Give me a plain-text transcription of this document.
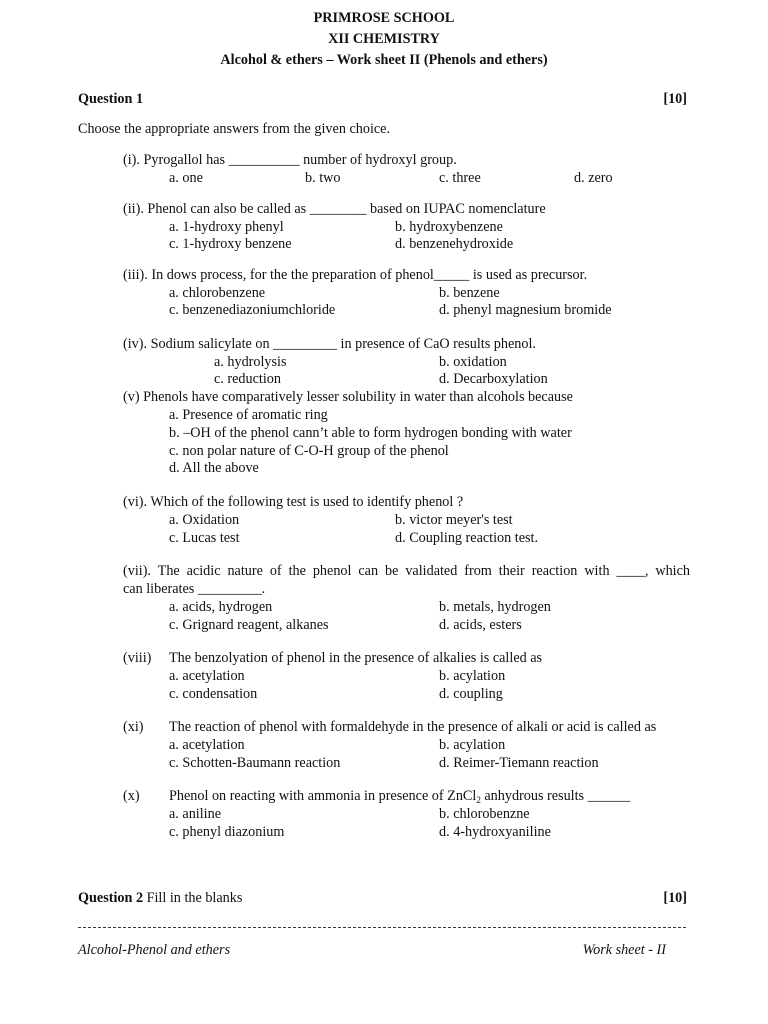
PRIMROSE SCHOOL
XII CHEMISTRY
Alcohol & ethers – Work sheet II (Phenols and ethers)
Question 1	[10]
Choose the appropriate answers from the given choice.
(i). Pyrogallol has __________ number of hydroxyl group.
a. one	b. two	c. three	d. zero
(ii). Phenol can also be called as ________ based on IUPAC nomenclature
a. 1-hydroxy phenyl	b. hydroxybenzene
c. 1-hydroxy benzene	d. benzenehydroxide
(iii). In dows process, for the the preparation of phenol_____ is used as precursor.
a. chlorobenzene	b. benzene
c. benzenediazoniumchloride	d. phenyl magnesium bromide
(iv). Sodium salicylate on _________ in presence of CaO results phenol.
a. hydrolysis	b. oxidation
c. reduction	d. Decarboxylation
(v) Phenols have comparatively lesser solubility in water than alcohols because
a. Presence of aromatic ring
b. –OH of the phenol cann’t able to form hydrogen bonding with water
c. non polar nature of C-O-H group of the phenol
d. All the above
(vi). Which of the following test is used to identify phenol ?
a. Oxidation	b. victor meyer's test
c. Lucas test	d. Coupling reaction test.
(vii). The acidic nature of the phenol can be validated from their reaction with ____, which
can liberates _________.
a. acids, hydrogen	b. metals, hydrogen
c. Grignard reagent, alkanes	d. acids, esters
(viii) The benzolyation of phenol in the presence of alkalies is called as
a. acetylation	b. acylation
c. condensation	d. coupling
(xi) The reaction of phenol with formaldehyde in the presence of alkali or acid is called as
a. acetylation	b. acylation
c. Schotten-Baumann reaction	d. Reimer-Tiemann reaction
(x) Phenol on reacting with ammonia in presence of ZnCl$_2$ anhydrous results ______
a. aniline	b. chlorobenzne
c. phenyl diazonium	d. 4-hydroxyaniline
Question 2 Fill in the blanks	[10]
Alcohol-Phenol and ethers	Work sheet - II
